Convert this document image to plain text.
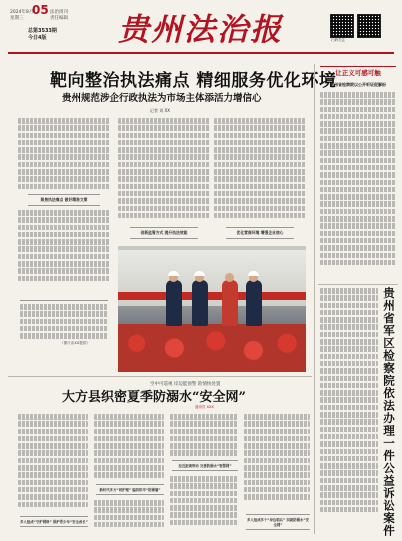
2024年8月
星期三
05 法治周刊
责任编辑
总第3533期
今日4版 贵州法治报	扫码关注
靶向整治执法痛点 精细服务优化环境
贵州规范涉企行政执法为市场主体添活力增信心
记者 刘 XX
聚焦执法痛点 做好精准文章
（图片由XX提供）
创新监管方式 提升执法效能	优化营商环境 增强企业信心
让正义可感可触
贵州省检察院以公开听证促解纷
贵州省军区检察院依法办理一件公益诉讼案件
空中可巡视 岸边能预警 险情快处置
大方县织密夏季防溺水“安全网”
通讯员 XXX
多人组成“守护网络” 保护青少年“安全成长”
新时代多方“同护理” 编织织牢“防溺墙”
拉近距离带动 完善防溺水“智慧网”
多人组成多个“岸边哨兵” 织就防溺水“安全网”
